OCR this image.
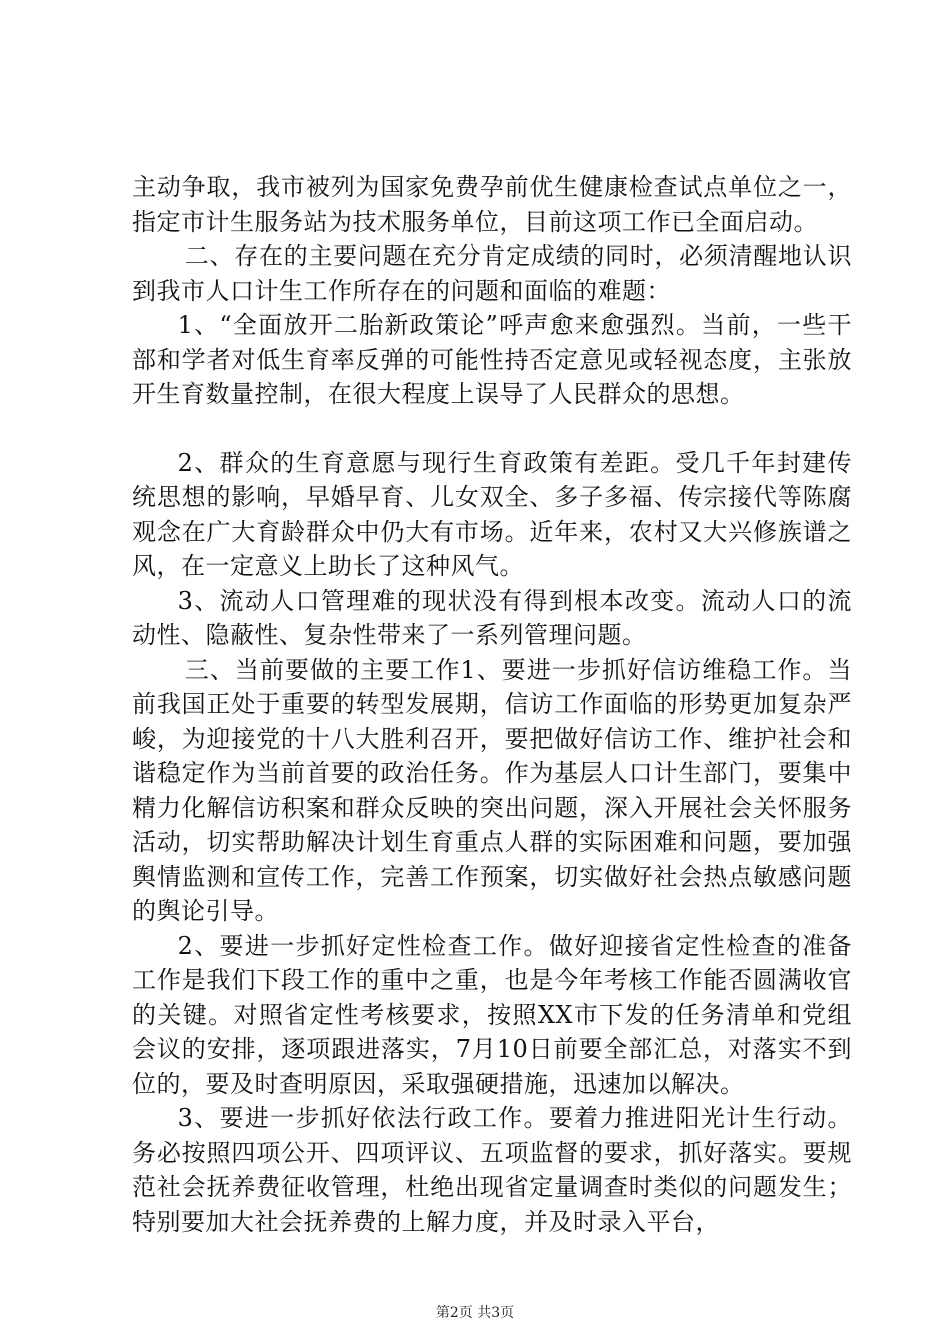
主动争取，我市被列为国家免费孕前优生健康检查试点单位之一，指定市计生服务站为技术服务单位，目前这项工作已全面启动。

二、存在的主要问题在充分肯定成绩的同时，必须清醒地认识到我市人口计生工作所存在的问题和面临的难题：

1、“全面放开二胎新政策论”呼声愈来愈强烈。当前，一些干部和学者对低生育率反弹的可能性持否定意见或轻视态度，主张放开生育数量控制，在很大程度上误导了人民群众的思想。

2、群众的生育意愿与现行生育政策有差距。受几千年封建传统思想的影响，早婚早育、儿女双全、多子多福、传宗接代等陈腐观念在广大育龄群众中仍大有市场。近年来，农村又大兴修族谱之风，在一定意义上助长了这种风气。

3、流动人口管理难的现状没有得到根本改变。流动人口的流动性、隐蔽性、复杂性带来了一系列管理问题。

三、当前要做的主要工作1、要进一步抓好信访维稳工作。当前我国正处于重要的转型发展期，信访工作面临的形势更加复杂严峻，为迎接党的十八大胜利召开，要把做好信访工作、维护社会和谐稳定作为当前首要的政治任务。作为基层人口计生部门，要集中精力化解信访积案和群众反映的突出问题，深入开展社会关怀服务活动，切实帮助解决计划生育重点人群的实际困难和问题，要加强舆情监测和宣传工作，完善工作预案，切实做好社会热点敏感问题的舆论引导。

2、要进一步抓好定性检查工作。做好迎接省定性检查的准备工作是我们下段工作的重中之重，也是今年考核工作能否圆满收官的关键。对照省定性考核要求，按照XX市下发的任务清单和党组会议的安排，逐项跟进落实，7月10日前要全部汇总，对落实不到位的，要及时查明原因，采取强硬措施，迅速加以解决。

3、要进一步抓好依法行政工作。要着力推进阳光计生行动。务必按照四项公开、四项评议、五项监督的要求，抓好落实。要规范社会抚养费征收管理，杜绝出现省定量调查时类似的问题发生；特别要加大社会抚养费的上解力度，并及时录入平台，

第2页 共3页
